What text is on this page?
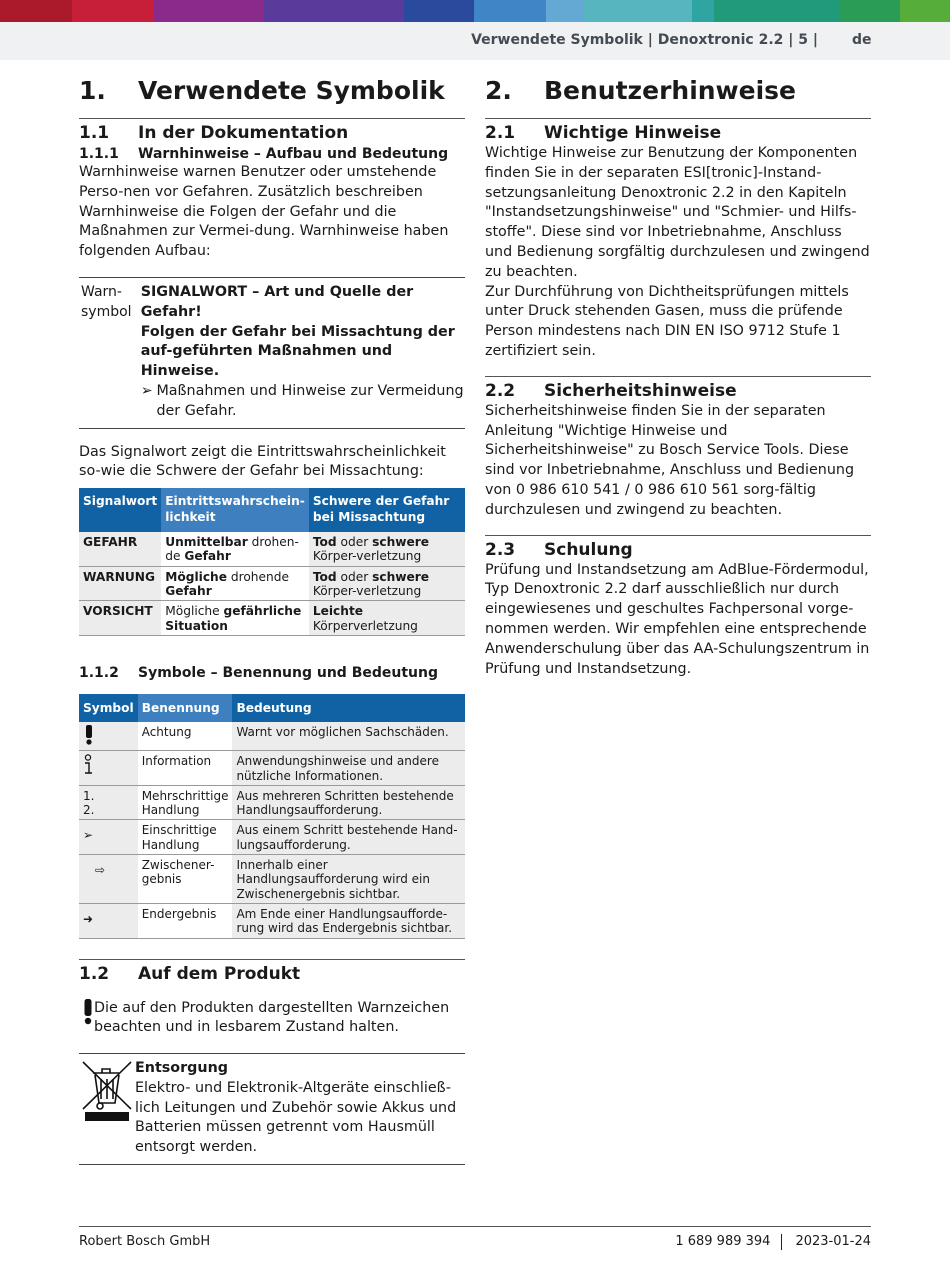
Verwendete Symbolik | Denoxtronic 2.2 | 5 | de
1.	Verwendete Symbolik
1.1	In der Dokumentation
1.1.1	Warnhinweise – Aufbau und Bedeutung

Warnhinweise warnen Benutzer oder umstehende Perso-nen vor Gefahren. Zusätzlich beschreiben Warnhinweise die Folgen der Gefahr und die Maßnahmen zur Vermei-dung. Warnhinweise haben folgenden Aufbau:

Warn-symbol
SIGNALWORT – Art und Quelle der Gefahr!
Folgen der Gefahr bei Missachtung der auf-geführten Maßnahmen und Hinweise.
➢ Maßnahmen und Hinweise zur Vermeidung der Gefahr.

Das Signalwort zeigt die Eintrittswahrscheinlichkeit so-wie die Schwere der Gefahr bei Missachtung:

Signalwort	Eintrittswahrschein-lichkeit	Schwere der Gefahr bei Missachtung
GEFAHR	Unmittelbar drohen-de Gefahr	Tod oder schwere Körper-verletzung
WARNUNG	Mögliche drohende Gefahr	Tod oder schwere Körper-verletzung
VORSICHT	Mögliche gefährliche Situation	Leichte Körperverletzung
1.1.2	Symbole – Benennung und Bedeutung
Symbol	Benennung	Bedeutung
	Achtung	Warnt vor möglichen Sachschäden.
	Information	Anwendungshinweise und andere nützliche Informationen.
1.
2.	Mehrschrittige Handlung	Aus mehreren Schritten bestehende Handlungsaufforderung.
➢	Einschrittige Handlung	Aus einem Schritt bestehende Hand-lungsaufforderung.
⇨	Zwischener-gebnis	Innerhalb einer Handlungsaufforderung wird ein Zwischenergebnis sichtbar.
➜	Endergebnis	Am Ende einer Handlungsaufforde-rung wird das Endergebnis sichtbar.
1.2	Auf dem Produkt
Die auf den Produkten dargestellten Warnzeichen beachten und in lesbarem Zustand halten.
Entsorgung
Elektro- und Elektronik-Altgeräte einschließ-lich Leitungen und Zubehör sowie Akkus und Batterien müssen getrennt vom Hausmüll entsorgt werden.
2.	Benutzerhinweise
2.1	Wichtige Hinweise

Wichtige Hinweise zur Benutzung der Komponenten finden Sie in der separaten ESI[tronic]-Instand-setzungsanleitung Denoxtronic 2.2 in den Kapiteln "Instandsetzungshinweise" und "Schmier- und Hilfs-stoffe". Diese sind vor Inbetriebnahme, Anschluss und Bedienung sorgfältig durchzulesen und zwingend zu beachten.

Zur Durchführung von Dichtheitsprüfungen mittels unter Druck stehenden Gasen, muss die prüfende Person mindestens nach DIN EN ISO 9712 Stufe 1 zertifiziert sein.

2.2	Sicherheitshinweise

Sicherheitshinweise finden Sie in der separaten Anleitung "Wichtige Hinweise und Sicherheitshinweise" zu Bosch Service Tools. Diese sind vor Inbetriebnahme, Anschluss und Bedienung von 0 986 610 541 / 0 986 610 561 sorg-fältig durchzulesen und zwingend zu beachten.

2.3	Schulung

Prüfung und Instandsetzung am AdBlue-Fördermodul, Typ Denoxtronic 2.2 darf ausschließlich nur durch eingewiesenes und geschultes Fachpersonal vorge-nommen werden. Wir empfehlen eine entsprechende Anwenderschulung über das AA-Schulungszentrum in Prüfung und Instandsetzung.

Robert Bosch GmbH	1 689 989 394 2023-01-24
